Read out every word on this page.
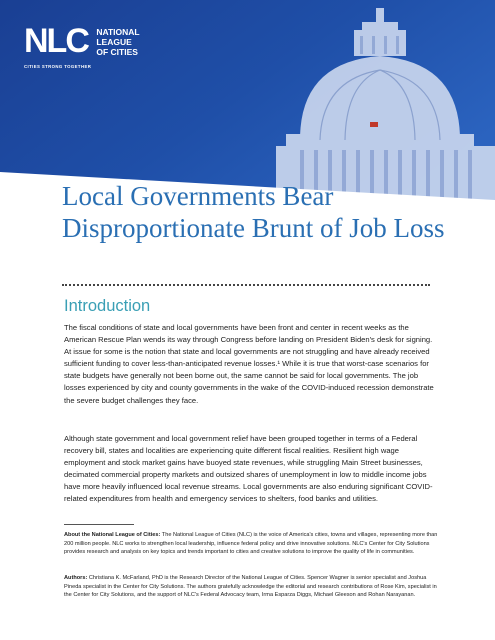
NLC NATIONAL
LEAGUE
OF CITIES
CITIES STRONG TOGETHER
Local Governments Bear Disproportionate Brunt of Job Loss
Introduction

The fiscal conditions of state and local governments have been front and center in recent weeks as the American Rescue Plan wends its way through Congress before landing on President Biden's desk for signing. At issue for some is the notion that state and local governments are not struggling and have already received sufficient funding to cover less-than-anticipated revenue losses.¹ While it is true that worst-case scenarios for state budgets have generally not been borne out, the same cannot be said for local governments. The job losses experienced by city and county governments in the wake of the COVID-induced recession demonstrate the severe budget challenges they face.

Although state government and local government relief have been grouped together in terms of a Federal recovery bill, states and localities are experiencing quite different fiscal realities. Resilient high wage employment and stock market gains have buoyed state revenues, while struggling Main Street businesses, decimated commercial property markets and outsized shares of unemployment in low to middle income jobs have more heavily influenced local revenue streams. Local governments are also enduring significant COVID-related expenditures from health and emergency services to shelters, food banks and utilities.

About the National League of Cities: The National League of Cities (NLC) is the voice of America's cities, towns and villages, representing more than 200 million people. NLC works to strengthen local leadership, influence federal policy and drive innovative solutions. NLC's Center for City Solutions provides research and analysis on key topics and trends important to cities and creative solutions to improve the quality of life in communities.

Authors: Christiana K. McFarland, PhD is the Research Director of the National League of Cities. Spencer Wagner is senior specialist and Joshua Pineda specialist in the Center for City Solutions. The authors gratefully acknowledge the editorial and research contributions of Rose Kim, specialist in the Center for City Solutions, and the support of NLC's Federal Advocacy team, Irma Esparza Diggs, Michael Gleeson and Rohan Narayanan.
